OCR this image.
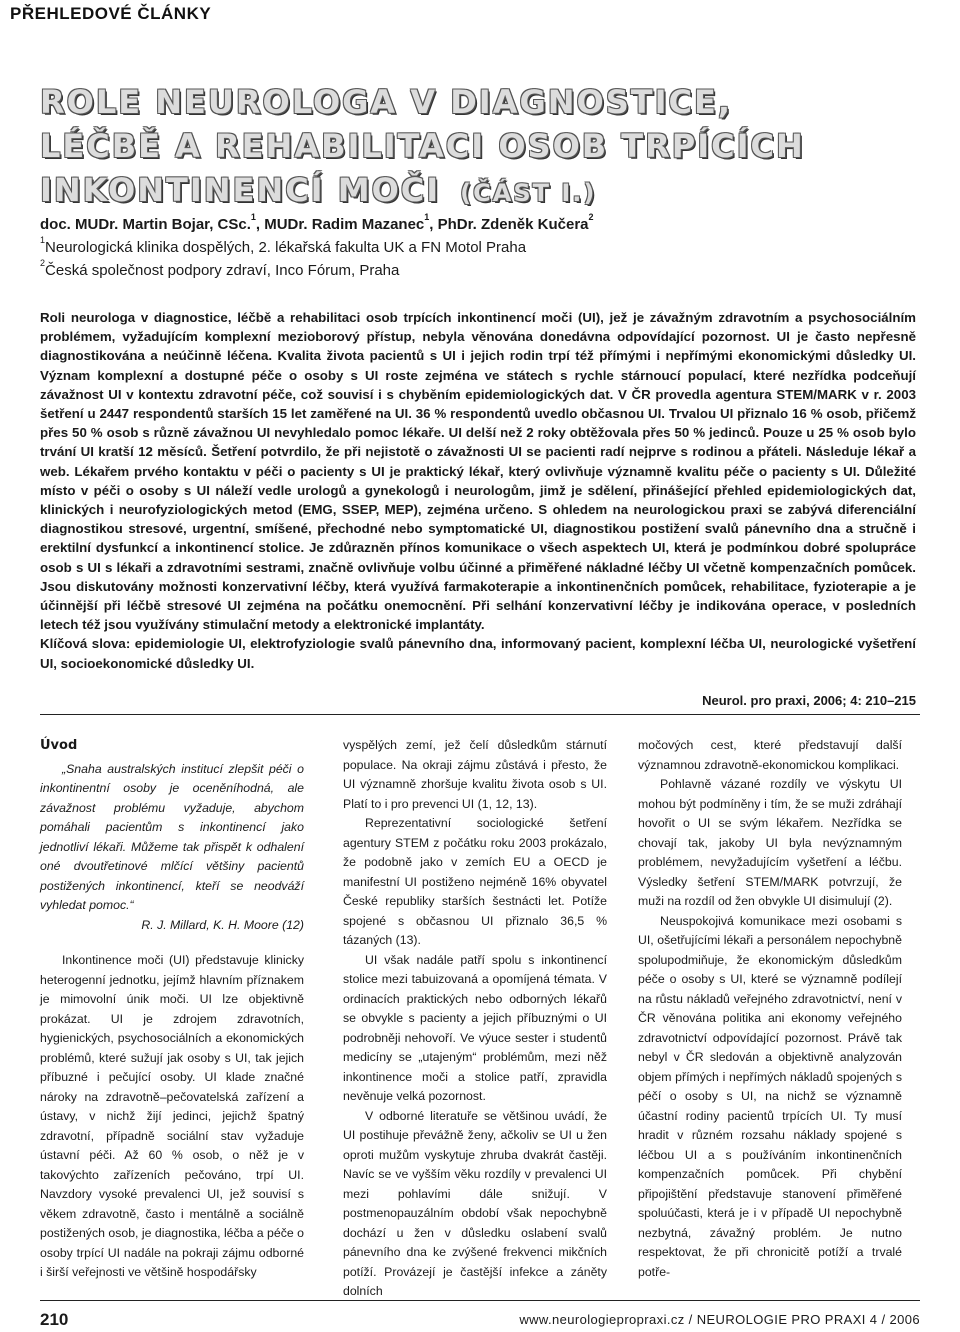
PŘEHLEDOVÉ ČLÁNKY
ROLE NEUROLOGA V DIAGNOSTICE,
LÉČBĚ A REHABILITACI OSOB TRPÍCÍCH
INKONTINENCÍ MOČI (ČÁST I.)

doc. MUDr. Martin Bojar, CSc.$^1$, MUDr. Radim Mazanec$^1$, PhDr. Zdeněk Kučera$^2$

$^1$Neurologická klinika dospělých, 2. lékařská fakulta UK a FN Motol Praha

$^2$Česká společnost podpory zdraví, Inco Fórum, Praha

Roli neurologa v diagnostice, léčbě a rehabilitaci osob trpících inkontinencí moči (UI), jež je závažným zdravotním a psychosociálním problémem, vyžadujícím komplexní mezioborový přístup, nebyla věnována donedávna odpovídající pozornost. UI je často nepřesně diagnostikována a neúčinně léčena. Kvalita života pacientů s UI i jejich rodin trpí též přímými i nepřímými ekonomickými důsledky UI. Význam komplexní a dostupné péče o osoby s UI roste zejména ve státech s rychle stárnoucí populací, které nezřídka podceňují závažnost UI v kontextu zdravotní péče, což souvisí i s chyběním epidemiologických dat. V ČR provedla agentura STEM/MARK v r. 2003 šetření u 2447 respondentů starších 15 let zaměřené na UI. 36 % respondentů uvedlo občasnou UI. Trvalou UI přiznalo 16 % osob, přičemž přes 50 % osob s různě závažnou UI nevyhledalo pomoc lékaře. UI delší než 2 roky obtěžovala přes 50 % jedinců. Pouze u 25 % osob bylo trvání UI kratší 12 měsíců. Šetření potvrdilo, že při nejistotě o závažnosti UI se pacienti radí nejprve s rodinou a přáteli. Následuje lékař a web. Lékařem prvého kontaktu v péči o pacienty s UI je praktický lékař, který ovlivňuje významně kvalitu péče o pacienty s UI. Důležité místo v péči o osoby s UI náleží vedle urologů a gynekologů i neurologům, jimž je sdělení, přinášející přehled epidemiologických dat, klinických i neurofyziologických metod (EMG, SSEP, MEP), zejména určeno. S ohledem na neurologickou praxi se zabývá diferenciální diagnostikou stresové, urgentní, smíšené, přechodné nebo symptomatické UI, diagnostikou postižení svalů pánevního dna a stručně i erektilní dysfunkcí a inkontinencí stolice. Je zdůrazněn přínos komunikace o všech aspektech UI, která je podmínkou dobré spolupráce osob s UI s lékaři a zdravotními sestrami, značně ovlivňuje volbu účinné a přiměřené nákladné léčby UI včetně kompenzačních pomůcek. Jsou diskutovány možnosti konzervativní léčby, která využívá farmakoterapie a inkontinenčních pomůcek, rehabilitace, fyzioterapie a je účinnější při léčbě stresové UI zejména na počátku onemocnění. Při selhání konzervativní léčby je indikována operace, v posledních letech též jsou využívány stimulační metody a elektronické implantáty.

Klíčová slova: epidemiologie UI, elektrofyziologie svalů pánevního dna, informovaný pacient, komplexní léčba UI, neurologické vyšetření UI, socioekonomické důsledky UI.

Neurol. pro praxi, 2006; 4: 210–215
Úvod

„Snaha australských institucí zlepšit péči o inkontinentní osoby je oceněníhodná, ale závažnost problému vyžaduje, abychom pomáhali pacientům s inkontinencí jako jednotliví lékaři. Můžeme tak přispět k odhalení oné dvoutřetinové mlčící většiny pacientů postižených inkontinencí, kteří se neodváží vyhledat pomoc.“

R. J. Millard, K. H. Moore (12)

Inkontinence moči (UI) představuje klinicky heterogenní jednotku, jejímž hlavním příznakem je mimovolní únik moči. UI lze objektivně prokázat. UI je zdrojem zdravotních, hygienických, psychosociálních a ekonomických problémů, které sužují jak osoby s UI, tak jejich příbuzné i pečující osoby. UI klade značné nároky na zdravotně–pečovatelská zařízení a ústavy, v nichž žijí jedinci, jejichž špatný zdravotní, případně sociální stav vyžaduje ústavní péči. Až 60 % osob, o něž je v takovýchto zařízeních pečováno, trpí UI. Navzdory vysoké prevalenci UI, jež souvisí s věkem zdravotně, často i mentálně a sociálně postižených osob, je diagnostika, léčba a péče o osoby trpící UI nadále na pokraji zájmu odborné i širší veřejnosti ve většině hospodářsky

vyspělých zemí, jež čelí důsledkům stárnutí populace. Na okraji zájmu zůstává i přesto, že UI významně zhoršuje kvalitu života osob s UI. Platí to i pro prevenci UI (1, 12, 13).

Reprezentativní sociologické šetření agentury STEM z počátku roku 2003 prokázalo, že podobně jako v zemích EU a OECD je manifestní UI postiženo nejméně 16% obyvatel České republiky starších šestnácti let. Potíže spojené s občasnou UI přiznalo 36,5 % tázaných (13).

UI však nadále patří spolu s inkontinencí stolice mezi tabuizovaná a opomíjená témata. V ordinacích praktických nebo odborných lékařů se obvykle s pacienty a jejich příbuznými o UI podrobněji nehovoří. Ve výuce sester i studentů medicíny se „utajeným“ problémům, mezi něž inkontinence moči a stolice patří, zpravidla nevěnuje velká pozornost.

V odborné literatuře se většinou uvádí, že UI postihuje převážně ženy, ačkoliv se UI u žen oproti mužům vyskytuje zhruba dvakrát častěji. Navíc se ve vyšším věku rozdíly v prevalenci UI mezi pohlavími dále snižují. V postmenopauzálním období však nepochybně dochází u žen v důsledku oslabení svalů pánevního dna ke zvýšené frekvenci mikčních potíží. Provázejí je častější infekce a záněty dolních

močových cest, které představují další významnou zdravotně-ekonomickou komplikaci.

Pohlavně vázané rozdíly ve výskytu UI mohou být podmíněny i tím, že se muži zdráhají hovořit o UI se svým lékařem. Nezřídka se chovají tak, jakoby UI byla nevýznamným problémem, nevyžadujícím vyšetření a léčbu. Výsledky šetření STEM/MARK potvrzují, že muži na rozdíl od žen obvykle UI disimulují (2).

Neuspokojivá komunikace mezi osobami s UI, ošetřujícími lékaři a personálem nepochybně spolupodmiňuje, že ekonomickým důsledkům péče o osoby s UI, které se významně podílejí na růstu nákladů veřejného zdravotnictví, není v ČR věnována politika ani ekonomy veřejného zdravotnictví odpovídající pozornost. Právě tak nebyl v ČR sledován a objektivně analyzován objem přímých i nepřímých nákladů spojených s péčí o osoby s UI, na nichž se významně účastní rodiny pacientů trpících UI. Ty musí hradit v různém rozsahu náklady spojené s léčbou UI a s používáním inkontinenčních kompenzačních pomůcek. Při chybění připojištění představuje stanovení přiměřené spoluúčasti, která je i v případě UI nepochybně nezbytná, závažný problém. Je nutno respektovat, že při chronicitě potíží a trvalé potře-

210	www.neurologiepropraxi.cz / NEUROLOGIE PRO PRAXI 4 / 2006
